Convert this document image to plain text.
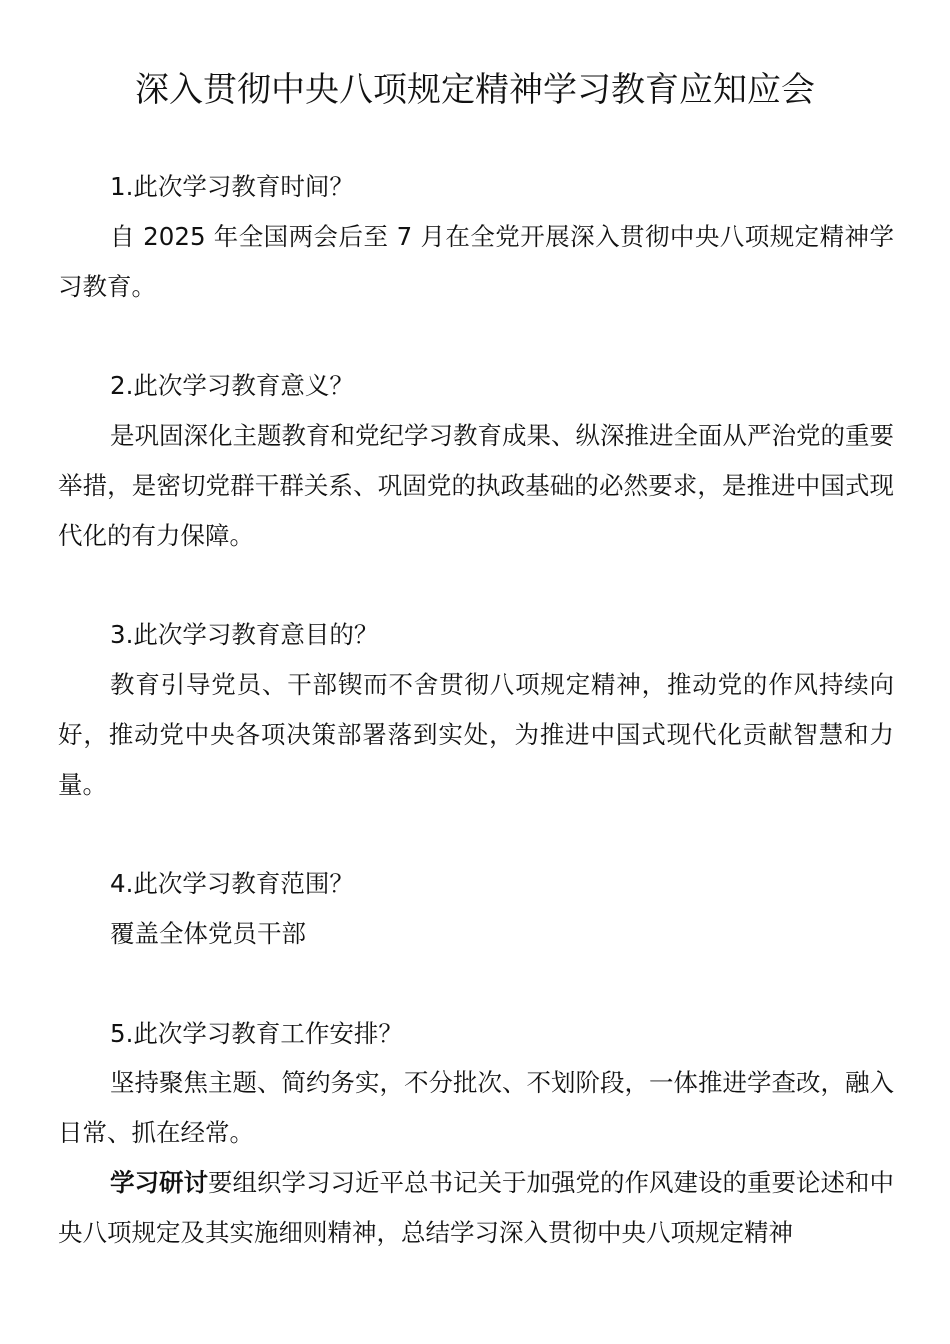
深入贯彻中央八项规定精神学习教育应知应会

1.此次学习教育时间？

自 2025 年全国两会后至 7 月在全党开展深入贯彻中央八项规定精神学习教育。

2.此次学习教育意义？

是巩固深化主题教育和党纪学习教育成果、纵深推进全面从严治党的重要举措，是密切党群干群关系、巩固党的执政基础的必然要求，是推进中国式现代化的有力保障。

3.此次学习教育意目的？

教育引导党员、干部锲而不舍贯彻八项规定精神，推动党的作风持续向好，推动党中央各项决策部署落到实处，为推进中国式现代化贡献智慧和力量。

4.此次学习教育范围？

覆盖全体党员干部

5.此次学习教育工作安排？

坚持聚焦主题、简约务实，不分批次、不划阶段，一体推进学查改，融入日常、抓在经常。

学习研讨要组织学习习近平总书记关于加强党的作风建设的重要论述和中央八项规定及其实施细则精神，总结学习深入贯彻中央八项规定精神
